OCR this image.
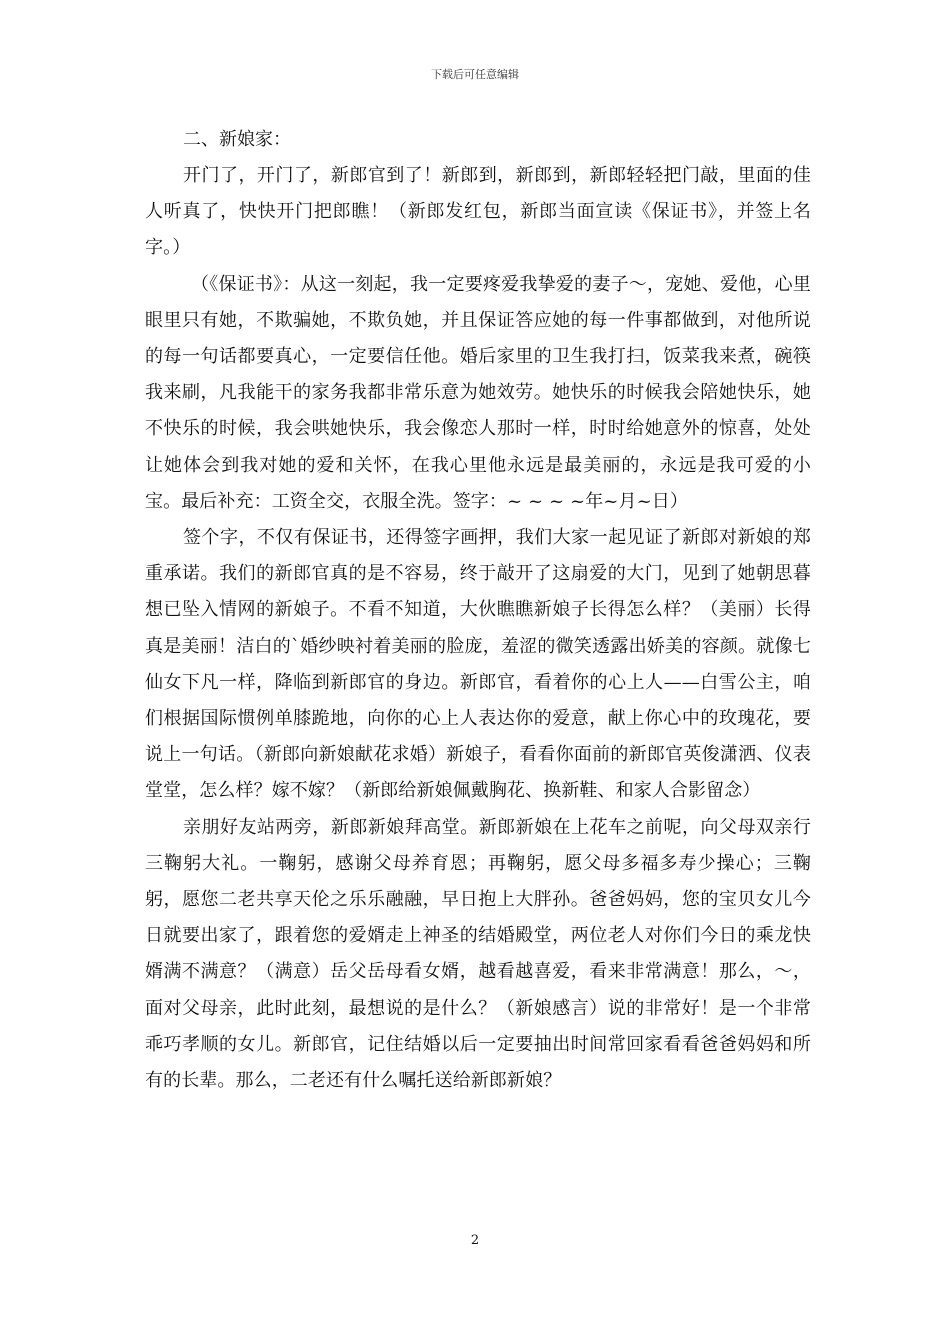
下载后可任意编辑

二、新娘家：

开门了，开门了，新郎官到了！新郎到，新郎到，新郎轻轻把门敲，里面的佳人听真了，快快开门把郎瞧！（新郎发红包，新郎当面宣读《保证书》，并签上名字。）

（《保证书》：从这一刻起，我一定要疼爱我挚爱的妻子～，宠她、爱他，心里眼里只有她，不欺骗她，不欺负她，并且保证答应她的每一件事都做到，对他所说的每一句话都要真心，一定要信任他。婚后家里的卫生我打扫，饭菜我来煮，碗筷我来刷，凡我能干的家务我都非常乐意为她效劳。她快乐的时候我会陪她快乐，她不快乐的时候，我会哄她快乐，我会像恋人那时一样，时时给她意外的惊喜，处处让她体会到我对她的爱和关怀，在我心里他永远是最美丽的，永远是我可爱的小宝。最后补充：工资全交，衣服全洗。签字：~ ~ ~ ~年~月~日）

签个字，不仅有保证书，还得签字画押，我们大家一起见证了新郎对新娘的郑重承诺。我们的新郎官真的是不容易，终于敲开了这扇爱的大门，见到了她朝思暮想已坠入情网的新娘子。不看不知道，大伙瞧瞧新娘子长得怎么样？（美丽）长得真是美丽！洁白的`婚纱映衬着美丽的脸庞，羞涩的微笑透露出娇美的容颜。就像七仙女下凡一样，降临到新郎官的身边。新郎官，看着你的心上人——白雪公主，咱们根据国际惯例单膝跪地，向你的心上人表达你的爱意，献上你心中的玫瑰花，要说上一句话。（新郎向新娘献花求婚）新娘子，看看你面前的新郎官英俊潇洒、仪表堂堂，怎么样？嫁不嫁？（新郎给新娘佩戴胸花、换新鞋、和家人合影留念）

亲朋好友站两旁，新郎新娘拜高堂。新郎新娘在上花车之前呢，向父母双亲行三鞠躬大礼。一鞠躬，感谢父母养育恩；再鞠躬，愿父母多福多寿少操心；三鞠躬，愿您二老共享天伦之乐乐融融，早日抱上大胖孙。爸爸妈妈，您的宝贝女儿今日就要出家了，跟着您的爱婿走上神圣的结婚殿堂，两位老人对你们今日的乘龙快婿满不满意？（满意）岳父岳母看女婿，越看越喜爱，看来非常满意！那么，～，面对父母亲，此时此刻，最想说的是什么？（新娘感言）说的非常好！是一个非常乖巧孝顺的女儿。新郎官，记住结婚以后一定要抽出时间常回家看看爸爸妈妈和所有的长辈。那么，二老还有什么嘱托送给新郎新娘？

2
